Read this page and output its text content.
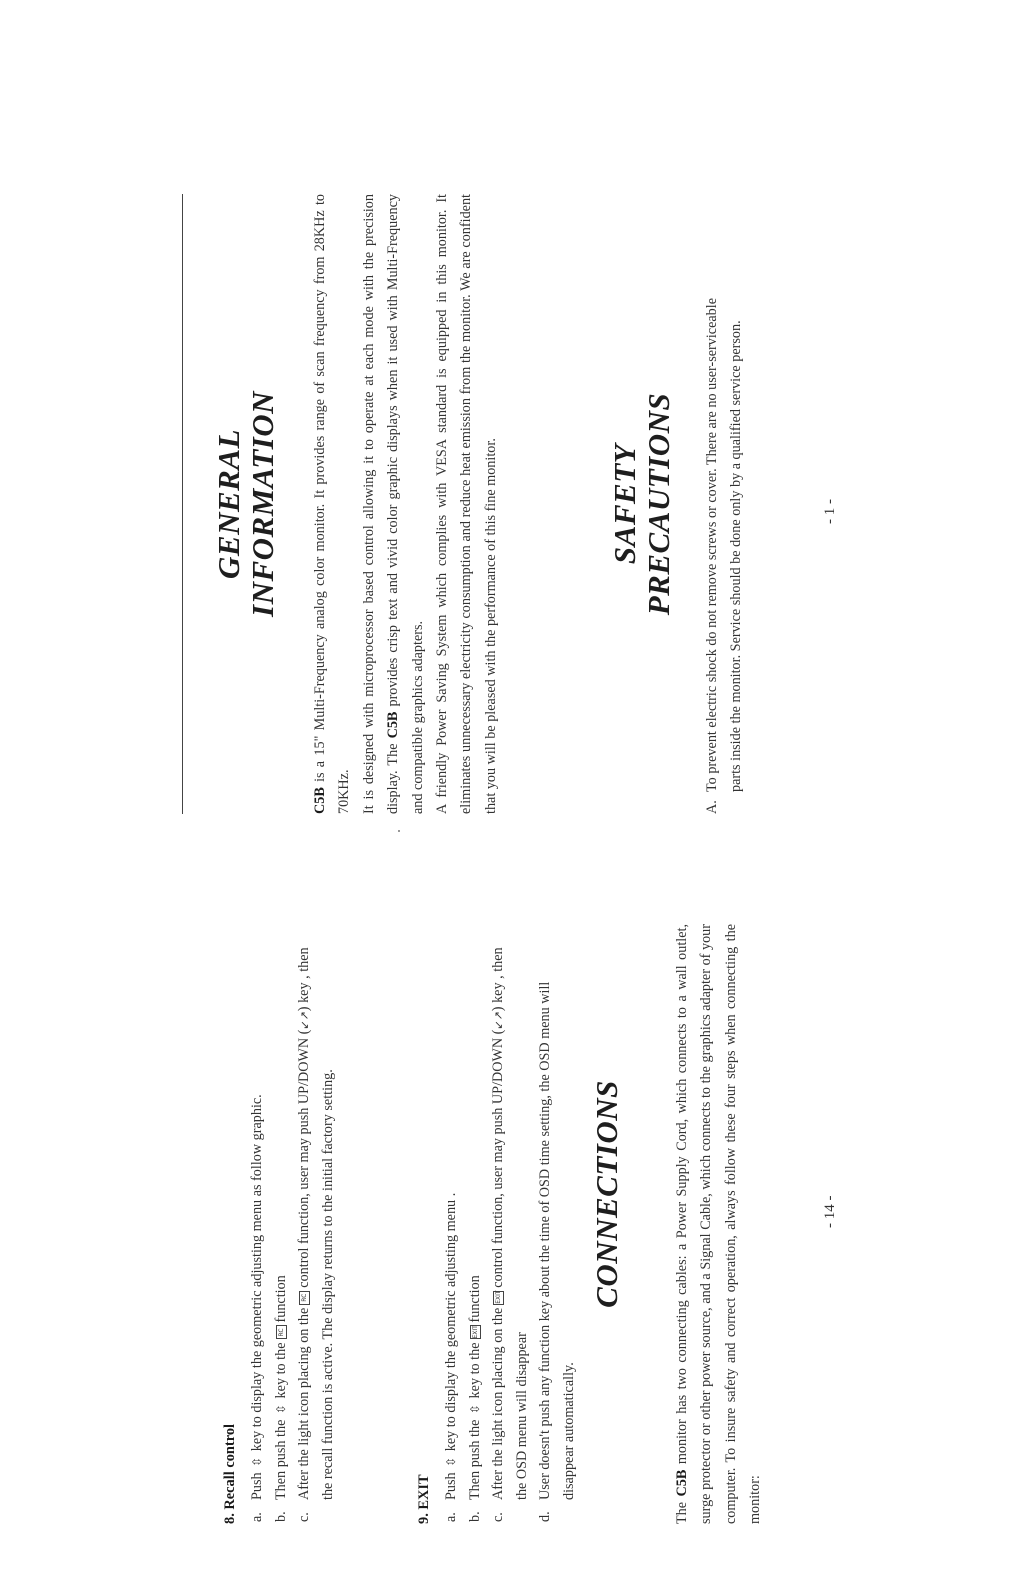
GENERAL INFORMATION

C5B is a 15" Multi-Frequency analog color monitor. It provides range of scan frequency from 28KHz to 70KHz. It is designed with microprocessor based control allowing it to operate at each mode with the precision display. The C5B provides crisp text and vivid color graphic displays when it used with Multi-Frequency and compatible graphics adapters. A friendly Power Saving System which complies with VESA standard is equipped in this monitor. It eliminates unnecessary electricity consumption and reduce heat emission from the monitor. We are confident that you will be pleased with the performance of this fine monitor.	SAFETY PRECAUTIONS
A.To prevent electric shock do not remove screws or cover. There are no user-serviceable parts inside the monitor. Service should be done only by a qualified service person.	- 1 -
8. Recall control a.Push ⇳ key to display the geometric adjusting menu as follow graphic.
b.Then push the ⇳ key to theRCfunction
c.After the light icon placing on theRCcontrol function, user may push UP/DOWN (↙↗) key , then the recall function is active. The display returns to the initial factory setting.	9. EXIT a.Push ⇳ key to display the geometric adjusting menu .
b.Then push the ⇳ key to theEXITfunction
c.After the light icon placing on theEXITcontrol function, user may push UP/DOWN (↙↗) key , then the OSD menu will disappear
d.User doesn't push any function key about the time of OSD time setting, the OSD menu will disappear automatically.
CONNECTIONS

The C5B monitor has two connecting cables: a Power Supply Cord, which connects to a wall outlet, surge protector or other power source, and a Signal Cable, which connects to the graphics adapter of your computer. To insure safety and correct operation, always follow these four steps when connecting the monitor:

- 14 -
